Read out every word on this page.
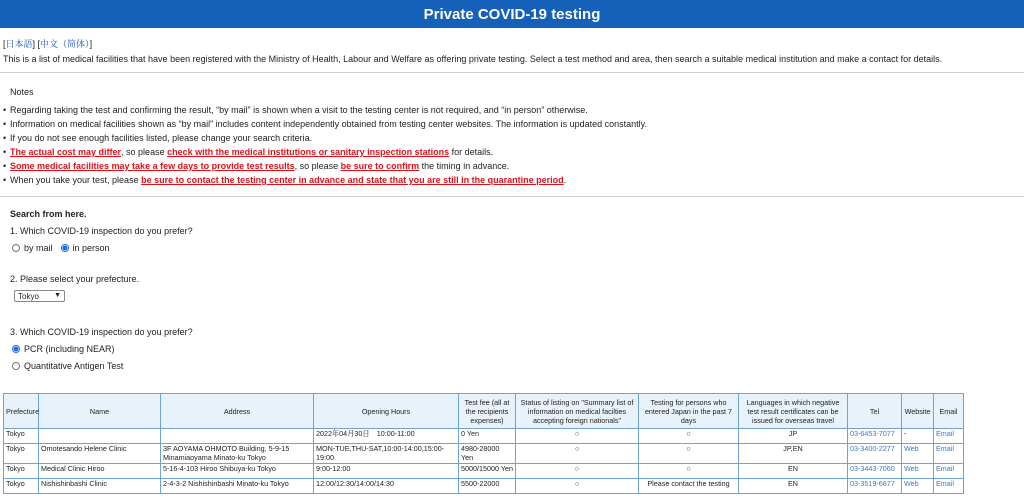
Private COVID-19 testing
[日本語] [中文（简体）]
This is a list of medical facilities that have been registered with the Ministry of Health, Labour and Welfare as offering private testing. Select a test method and area, then search a suitable medical institution and make a contact for details.
Notes
• Regarding taking the test and confirming the result, “by mail” is shown when a visit to the testing center is not required, and “in person” otherwise.
• Information on medical facilities shown as “by mail” includes content independently obtained from testing center websites. The information is updated constantly.
• If you do not see enough facilities listed, please change your search criteria.
• The actual cost may differ, so please check with the medical institutions or sanitary inspection stations for details.
• Some medical facilities may take a few days to provide test results, so please be sure to confirm the timing in advance.
• When you take your test, please be sure to contact the testing center in advance and state that you are still in the quarantine period.
Search from here.
1. Which COVID-19 inspection do you prefer?
by mail in person
2. Please select your prefecture.
Tokyo ▼
3. Which COVID-19 inspection do you prefer?
PCR (including NEAR)
Quantitative Antigen Test
Prefecture	Name	Address	Opening Hours	Test fee (all at the recipients expenses)	Status of listing on "Summary list of information on medical facilties accepting foreign nationals"	Testing for persons who entered Japan in the past 7 days	Languages in which negative test result certificates can be issued for overseas travel	Tel	Website	Email
Tokyo			2022年04月30日　10:00-11:00	0 Yen	○	○	JP	03-6453-7077	-	Email
Tokyo	Omotesando Helene Clinic	3F AOYAMA OHMOTO Building, 5-9-15 Minamiaoyama Minato-ku Tokyo	MON-TUE,THU-SAT,10:00-14:00,15:00-19:00	4980-28000 Yen	○	○	JP,EN	03-3400-2277	Web	Email
Tokyo	Medical Clinic Hiroo	5-16-4-103 Hiroo Shibuya-ku Tokyo	9:00-12:00	5000/15000 Yen	○	○	EN	03-3443-7060	Web	Email
Tokyo	Nishishinbashi Clinic	2-4-3-2 Nishishinbashi Minato-ku Tokyo	12:00/12:30/14:00/14:30	5500-22000	○	Please contact the testing	EN	03-3519-6677	Web	Email
